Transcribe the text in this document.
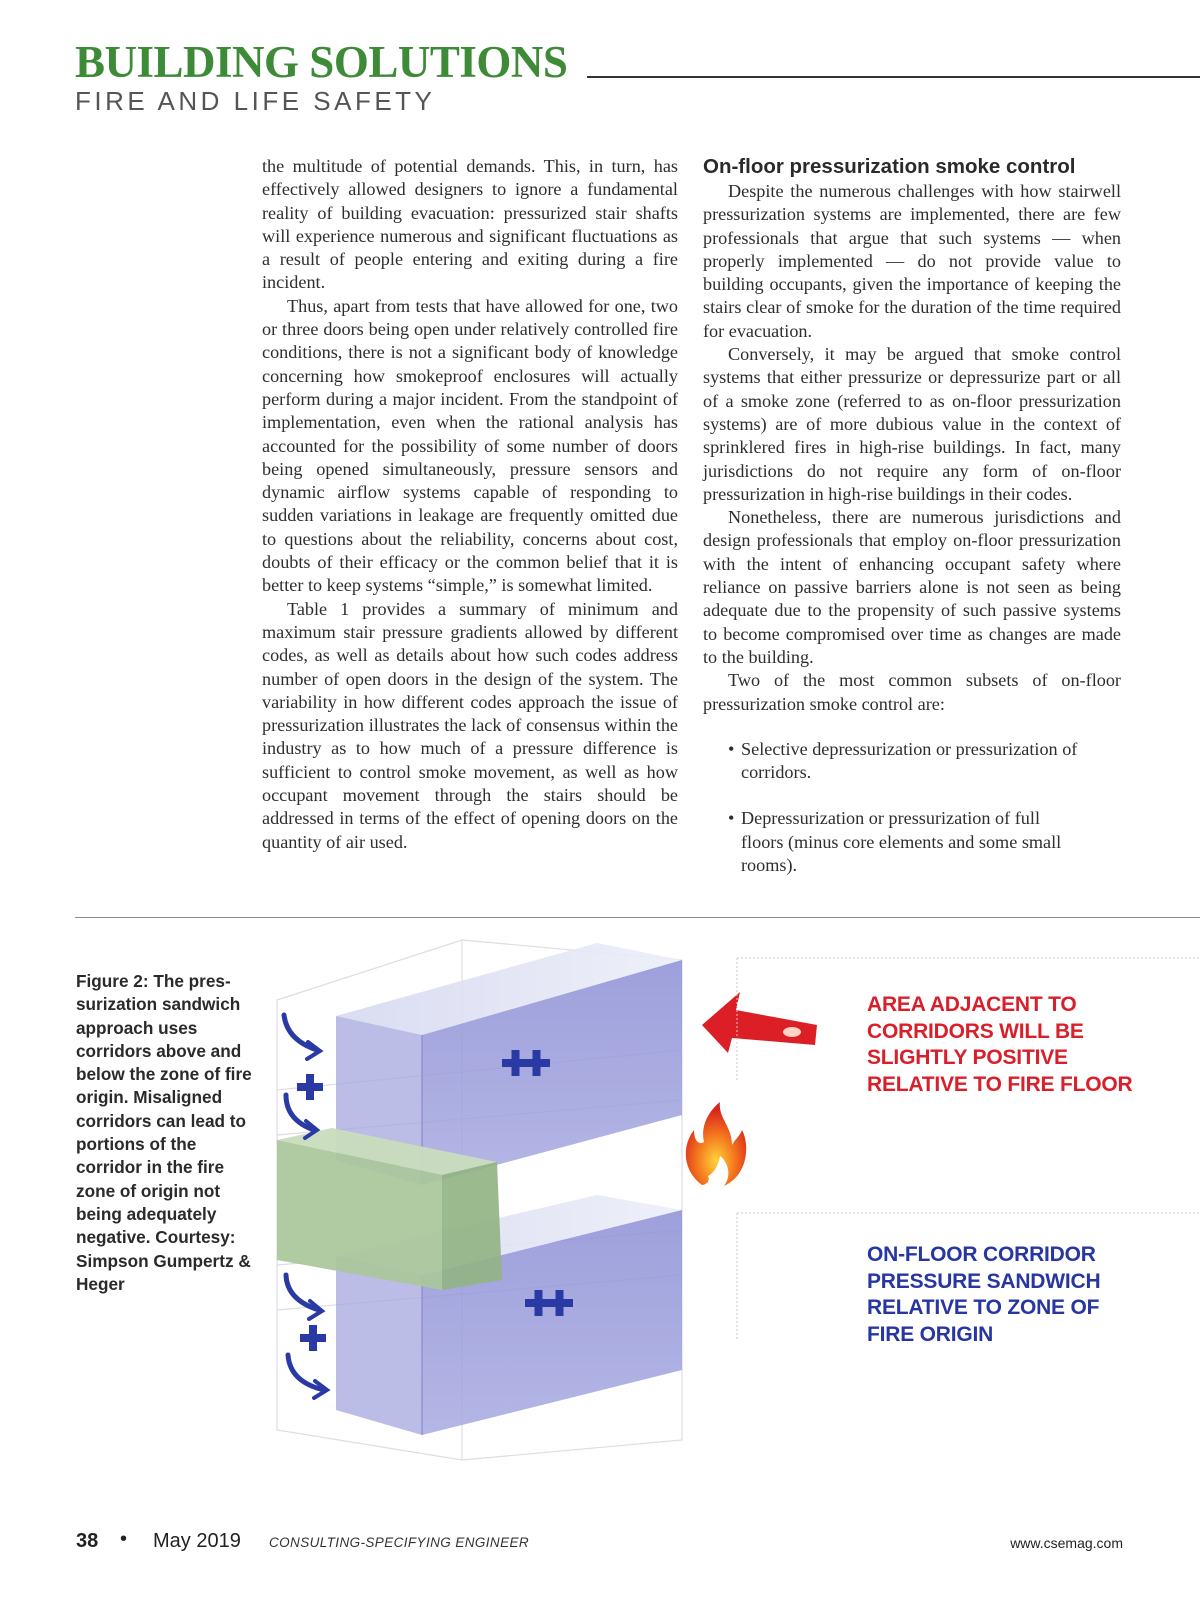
BUILDING SOLUTIONS
FIRE AND LIFE SAFETY

the multitude of potential demands. This, in turn, has effectively allowed designers to ignore a fundamental reality of building evacuation: pressurized stair shafts will experience numerous and significant fluctuations as a result of people entering and exiting during a fire incident.

Thus, apart from tests that have allowed for one, two or three doors being open under relatively controlled fire conditions, there is not a significant body of knowledge concerning how smokeproof enclosures will actually perform during a major incident. From the standpoint of implementation, even when the rational analysis has accounted for the possibility of some number of doors being opened simultaneously, pressure sensors and dynamic airflow systems capable of responding to sudden variations in leakage are frequently omitted due to questions about the reliability, concerns about cost, doubts of their efficacy or the common belief that it is better to keep systems “simple,” is somewhat limited.

Table 1 provides a summary of minimum and maximum stair pressure gradients allowed by different codes, as well as details about how such codes address number of open doors in the design of the system. The variability in how different codes approach the issue of pressurization illustrates the lack of consensus within the industry as to how much of a pressure difference is sufficient to control smoke movement, as well as how occupant movement through the stairs should be addressed in terms of the effect of opening doors on the quantity of air used.

On-floor pressurization smoke control

Despite the numerous challenges with how stairwell pressurization systems are implemented, there are few professionals that argue that such systems — when properly implemented — do not provide value to building occupants, given the importance of keeping the stairs clear of smoke for the duration of the time required for evacuation.

Conversely, it may be argued that smoke control systems that either pressurize or depressurize part or all of a smoke zone (referred to as on-floor pressurization systems) are of more dubious value in the context of sprinklered fires in high-rise buildings. In fact, many jurisdictions do not require any form of on-floor pressurization in high-rise buildings in their codes.

Nonetheless, there are numerous jurisdictions and design professionals that employ on-floor pressurization with the intent of enhancing occupant safety where reliance on passive barriers alone is not seen as being adequate due to the propensity of such passive systems to become compromised over time as changes are made to the building.

Two of the most common subsets of on-floor pressurization smoke control are:

• Selective depressurization or pressurization of corridors.
• Depressurization or pressurization of full floors (minus core elements and some small rooms).
Figure 2: The pressurization sandwich approach uses corridors above and below the zone of fire origin. Misaligned corridors can lead to portions of the corridor in the fire zone of origin not being adequately negative. Courtesy: Simpson Gumpertz & Heger
AREA ADJACENT TO
CORRIDORS WILL BE
SLIGHTLY POSITIVE
RELATIVE TO FIRE FLOOR
ON-FLOOR CORRIDOR
PRESSURE SANDWICH
RELATIVE TO ZONE OF
FIRE ORIGIN
38 • May 2019 CONSULTING-SPECIFYING ENGINEER	www.csemag.com
